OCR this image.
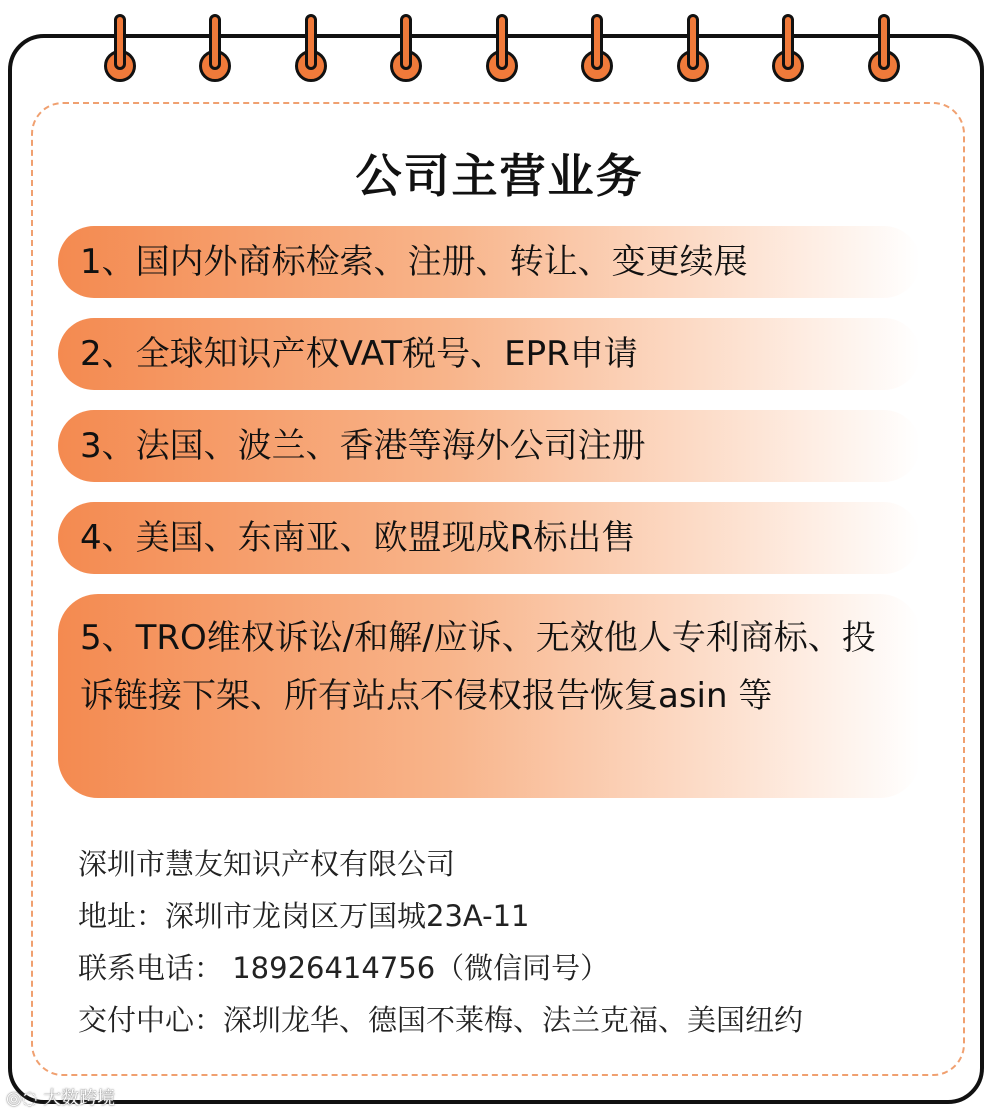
公司主营业务
1、国内外商标检索、注册、转让、变更续展
2、全球知识产权VAT税号、EPR申请
3、法国、波兰、香港等海外公司注册
4、美国、东南亚、欧盟现成R标出售
5、TRO维权诉讼/和解/应诉、无效他人专利商标、投诉链接下架、所有站点不侵权报告恢复asin 等
深圳市慧友知识产权有限公司
地址：深圳市龙岗区万国城23A-11
联系电话： 18926414756（微信同号）
交付中心：深圳龙华、德国不莱梅、法兰克福、美国纽约
◎◌ 大数跨境
